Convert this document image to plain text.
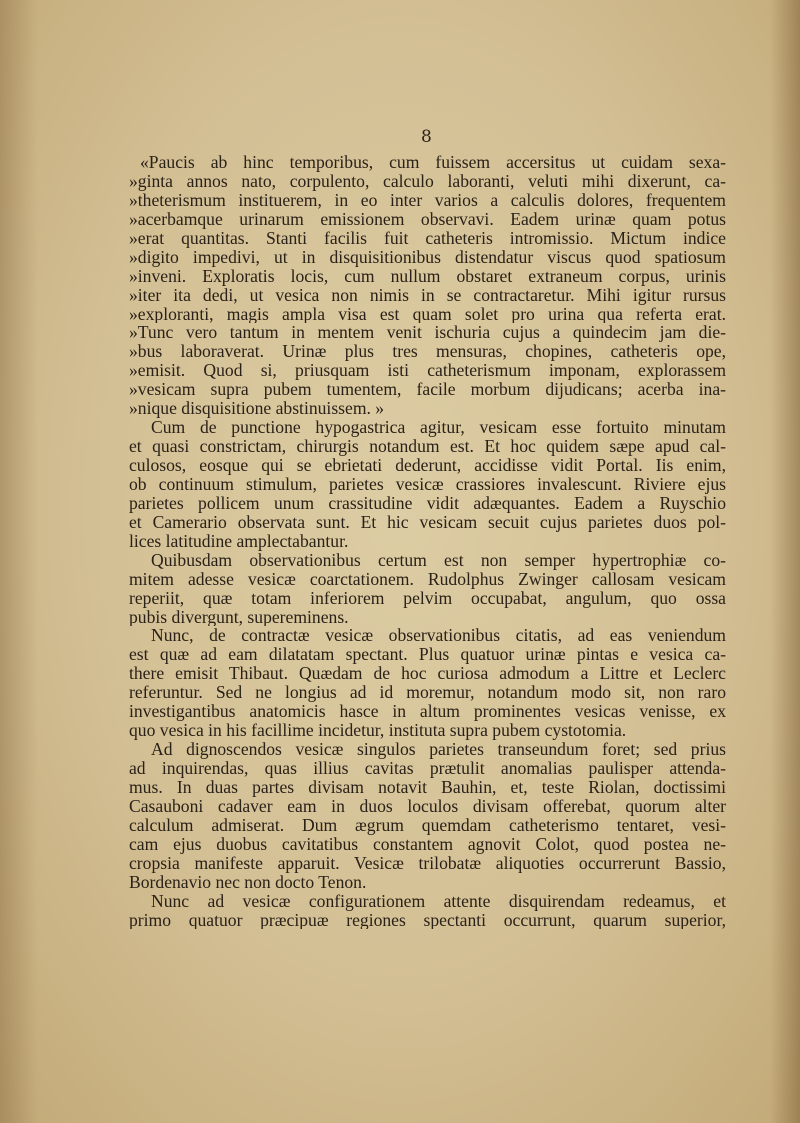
8
«Paucis ab hinc temporibus, cum fuissem accersitus ut cuidam sexa-
»ginta annos nato, corpulento, calculo laboranti, veluti mihi dixerunt, ca-
»theterismum instituerem, in eo inter varios a calculis dolores, frequentem
»acerbamque urinarum emissionem observavi. Eadem urinæ quam potus
»erat quantitas. Stanti facilis fuit catheteris intromissio. Mictum indice
»digito impedivi, ut in disquisitionibus distendatur viscus quod spatiosum
»inveni. Exploratis locis, cum nullum obstaret extraneum corpus, urinis
»iter ita dedi, ut vesica non nimis in se contractaretur. Mihi igitur rursus
»exploranti, magis ampla visa est quam solet pro urina qua referta erat.
»Tunc vero tantum in mentem venit ischuria cujus a quindecim jam die-
»bus laboraverat. Urinæ plus tres mensuras, chopines, catheteris ope,
»emisit. Quod si, priusquam isti catheterismum imponam, explorassem
»vesicam supra pubem tumentem, facile morbum dijudicans; acerba ina-
»nique disquisitione abstinuissem. »
Cum de punctione hypogastrica agitur, vesicam esse fortuito minutam
et quasi constrictam, chirurgis notandum est. Et hoc quidem sæpe apud cal-
culosos, eosque qui se ebrietati dederunt, accidisse vidit Portal. Iis enim,
ob continuum stimulum, parietes vesicæ crassiores invalescunt. Riviere ejus
parietes pollicem unum crassitudine vidit adæquantes. Eadem a Ruyschio
et Camerario observata sunt. Et hic vesicam secuit cujus parietes duos pol-
lices latitudine amplectabantur.
Quibusdam observationibus certum est non semper hypertrophiæ co-
mitem adesse vesicæ coarctationem. Rudolphus Zwinger callosam vesicam
reperiit, quæ totam inferiorem pelvim occupabat, angulum, quo ossa
pubis divergunt, supereminens.
Nunc, de contractæ vesicæ observationibus citatis, ad eas veniendum
est quæ ad eam dilatatam spectant. Plus quatuor urinæ pintas e vesica ca-
there emisit Thibaut. Quædam de hoc curiosa admodum a Littre et Leclerc
referuntur. Sed ne longius ad id moremur, notandum modo sit, non raro
investigantibus anatomicis hasce in altum prominentes vesicas venisse, ex
quo vesica in his facillime incidetur, instituta supra pubem cystotomia.
Ad dignoscendos vesicæ singulos parietes transeundum foret; sed prius
ad inquirendas, quas illius cavitas prætulit anomalias paulisper attenda-
mus. In duas partes divisam notavit Bauhin, et, teste Riolan, doctissimi
Casauboni cadaver eam in duos loculos divisam offerebat, quorum alter
calculum admiserat. Dum ægrum quemdam catheterismo tentaret, vesi-
cam ejus duobus cavitatibus constantem agnovit Colot, quod postea ne-
cropsia manifeste apparuit. Vesicæ trilobatæ aliquoties occurrerunt Bassio,
Bordenavio nec non docto Tenon.
Nunc ad vesicæ configurationem attente disquirendam redeamus, et
primo quatuor præcipuæ regiones spectanti occurrunt, quarum superior,
